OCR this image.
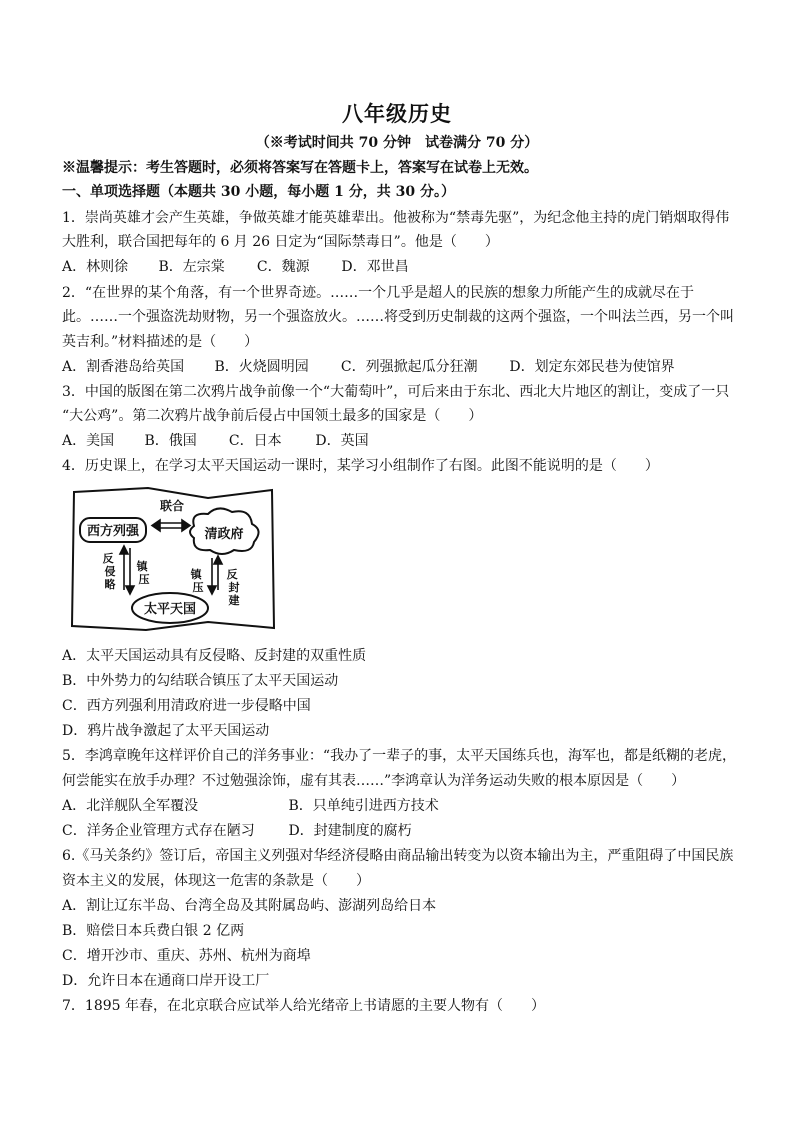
八年级历史
（※考试时间共 70 分钟　试卷满分 70 分）
※温馨提示：考生答题时，必须将答案写在答题卡上，答案写在试卷上无效。
一、单项选择题（本题共 30 小题，每小题 1 分，共 30 分。）
1．崇尚英雄才会产生英雄，争做英雄才能英雄辈出。他被称为“禁毒先驱”，为纪念他主持的虎门销烟取得伟
大胜利，联合国把每年的 6 月 26 日定为“国际禁毒日”。他是（　　）
A．林则徐 B．左宗棠 C．魏源 D．邓世昌
2．“在世界的某个角落，有一个世界奇迹。……一个几乎是超人的民族的想象力所能产生的成就尽在于
此。……一个强盗洗劫财物，另一个强盗放火。……将受到历史制裁的这两个强盗，一个叫法兰西，另一个叫
英吉利。”材料描述的是（　　）
A．割香港岛给英国 B．火烧圆明园 C．列强掀起瓜分狂潮 D．划定东郊民巷为使馆界
3．中国的版图在第二次鸦片战争前像一个“大葡萄叶”，可后来由于东北、西北大片地区的割让，变成了一只
“大公鸡”。第二次鸦片战争前后侵占中国领土最多的国家是（　　）
A．美国 B．俄国 C．日本 D．英国
4．历史课上，在学习太平天国运动一课时，某学习小组制作了右图。此图不能说明的是（　　）
西方列强	清政府
太平天国
联合
反 侵略
镇 压	镇 压
反 封建
A．太平天国运动具有反侵略、反封建的双重性质
B．中外势力的勾结联合镇压了太平天国运动
C．西方列强利用清政府进一步侵略中国
D．鸦片战争激起了太平天国运动
5．李鸿章晚年这样评价自己的洋务事业：“我办了一辈子的事，太平天国练兵也，海军也，都是纸糊的老虎，
何尝能实在放手办理？不过勉强涂饰，虚有其表……”李鸿章认为洋务运动失败的根本原因是（　　）
A．北洋舰队全军覆没	B．只单纯引进西方技术
C．洋务企业管理方式存在陋习 D．封建制度的腐朽
6.《马关条约》签订后，帝国主义列强对华经济侵略由商品输出转变为以资本输出为主，严重阻碍了中国民族
资本主义的发展，体现这一危害的条款是（　　）
A．割让辽东半岛、台湾全岛及其附属岛屿、澎湖列岛给日本
B．赔偿日本兵费白银 2 亿两
C．增开沙市、重庆、苏州、杭州为商埠
D．允许日本在通商口岸开设工厂
7．1895 年春，在北京联合应试举人给光绪帝上书请愿的主要人物有（　　）
